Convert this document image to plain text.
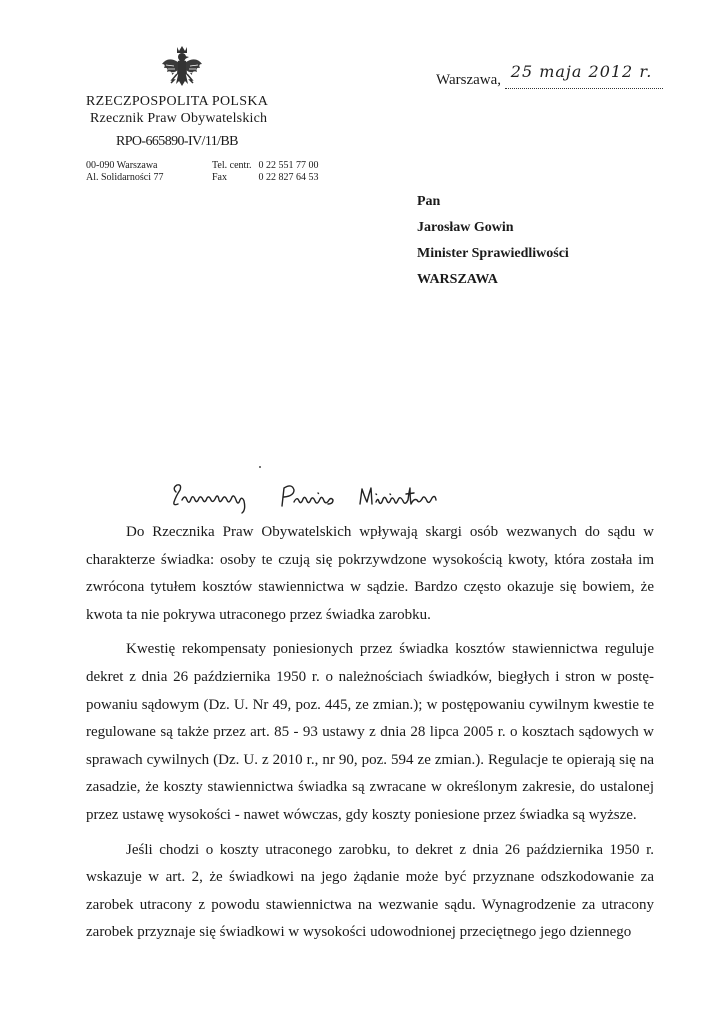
RZECZPOSPOLITA POLSKA
Rzecznik Praw Obywatelskich
RPO-665890-IV/11/BB
00-090 Warszawa
Al. Solidarności 77
Tel. centr. 0 22 551 77 00
Fax	0 22 827 64 53
Warszawa, 25 maja 2012 r.
Pan
Jarosław Gowin
Minister Sprawiedliwości
WARSZAWA

Do Rzecznika Praw Obywatelskich wpływają skargi osób wezwanych do sądu w charakterze świadka: osoby te czują się pokrzywdzone wysokością kwoty, która została im zwrócona tytułem kosztów stawiennictwa w sądzie. Bardzo często okazuje się bowiem, że kwota ta nie pokrywa utraconego przez świadka zarobku.

Kwestię rekompensaty poniesionych przez świadka kosztów stawiennictwa reguluje dekret z dnia 26 października 1950 r. o należnościach świadków, biegłych i stron w postępowaniu sądowym (Dz. U. Nr 49, poz. 445, ze zmian.); w postępowaniu cywilnym kwestie te regulowane są także przez art. 85 - 93 ustawy z dnia 28 lipca 2005 r. o kosztach sądowych w sprawach cywilnych (Dz. U. z 2010 r., nr 90, poz. 594 ze zmian.). Regulacje te opierają się na zasadzie, że koszty stawiennictwa świadka są zwracane w określonym zakresie, do ustalonej przez ustawę wysokości - nawet wówczas, gdy koszty poniesione przez świadka są wyższe.

Jeśli chodzi o koszty utraconego zarobku, to dekret z dnia 26 października 1950 r. wskazuje w art. 2, że świadkowi na jego żądanie może być przyznane odszkodowanie za zarobek utracony z powodu stawiennictwa na wezwanie sądu. Wynagrodzenie za utracony zarobek przyznaje się świadkowi w wysokości udowodnionej przeciętnego jego dziennego
